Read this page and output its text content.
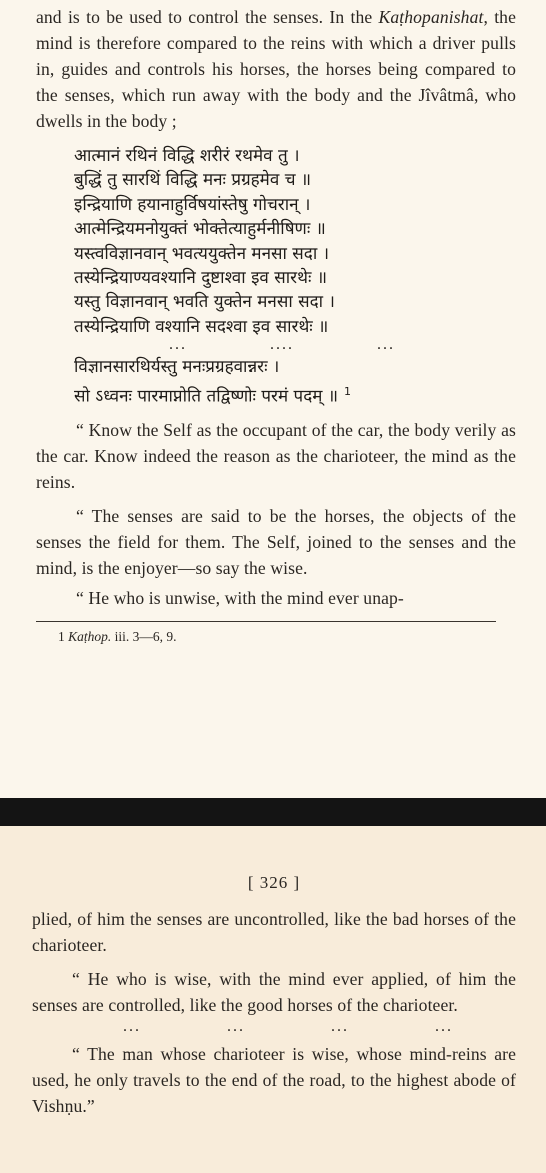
and is to be used to control the senses. In the Kaṭhopanishat, the mind is therefore compared to the reins with which a driver pulls in, guides and controls his horses, the horses being compared to the senses, which run away with the body and the Jîvâtmâ, who dwells in the body ;

आत्मानं रथिनं विद्धि शरीरं रथमेव तु ।

बुद्धिं तु सारथिं विद्धि मनः प्रग्रहमेव च ॥

इन्द्रियाणि हयानाहुर्विषयांस्तेषु गोचरान् ।

आत्मेन्द्रियमनोयुक्तं भोक्तेत्याहुर्मनीषिणः ॥

यस्त्वविज्ञानवान् भवत्ययुक्तेन मनसा सदा ।

तस्येन्द्रियाण्यवश्यानि दुष्टाश्वा इव सारथेः ॥

यस्तु विज्ञानवान् भवति युक्तेन मनसा सदा ।

तस्येन्द्रियाणि वश्यानि सदश्वा इव सारथेः ॥

...	....	...

विज्ञानसारथिर्यस्तु मनःप्रग्रहवान्नरः ।

सो ऽध्वनः पारमाप्नोति तद्विष्णोः परमं पदम् ॥ $^1$

“ Know the Self as the occupant of the car, the body verily as the car. Know indeed the reason as the charioteer, the mind as the reins.

“ The senses are said to be the horses, the objects of the senses the field for them. The Self, joined to the senses and the mind, is the enjoyer—so say the wise.

“ He who is unwise, with the mind ever unap-

1 Kaṭhop. iii. 3—6, 9.

[ 326 ]

plied, of him the senses are uncontrolled, like the bad horses of the charioteer.

“ He who is wise, with the mind ever applied, of him the senses are controlled, like the good horses of the charioteer.

...	...	...	...

“ The man whose charioteer is wise, whose mind-reins are used, he only travels to the end of the road, to the highest abode of Vishṇu.”
